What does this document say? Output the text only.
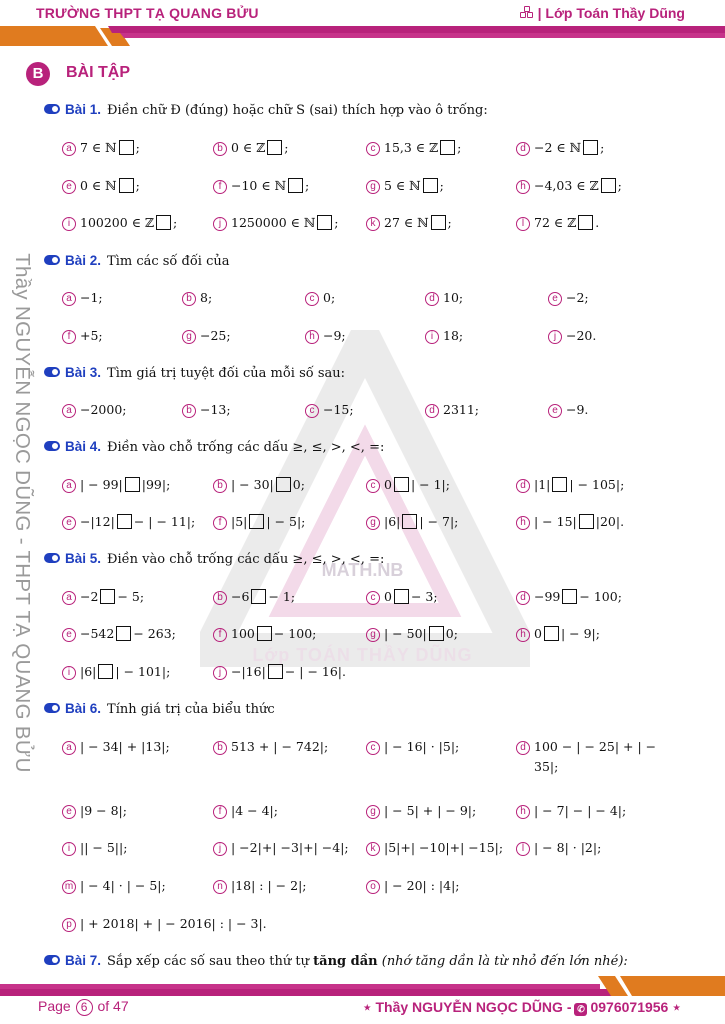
TRƯỜNG THPT TẠ QUANG BỬU	| Lớp Toán Thầy Dũng
Thầy NGUYỄN NGỌC DŨNG - THPT TẠ QUANG BỬU	MATH.NB
Lớp TOÁN THẦY DŨNG
B	BÀI TẬP
Bài 1. Điền chữ Đ (đúng) hoặc chữ S (sai) thích hợp vào ô trống:
a 7 ∈ ℕ ;	b 0 ∈ ℤ ;	c 15,3 ∈ ℤ ;	d −2 ∈ ℕ ;
e 0 ∈ ℕ ;	f −10 ∈ ℕ ;	g 5 ∈ ℕ ;	h −4,03 ∈ ℤ ;
i 100200 ∈ ℤ ;	j 1250000 ∈ ℕ ;	k 27 ∈ ℕ ;	l 72 ∈ ℤ .
Bài 2. Tìm các số đối của
a −1;	b 8;	c 0;	d 10;	e −2;
f +5;	g −25;	h −9;	i 18;	j −20.
Bài 3. Tìm giá trị tuyệt đối của mỗi số sau:
a −2000;	b −13;	c −15;	d 2311;	e −9.
Bài 4. Điền vào chỗ trống các dấu ≥, ≤, >, <, =:
a | − 99| |99|;	b | − 30| 0;	c 0 | − 1|;	d |1| | − 105|;
e −|12| − | − 11|;	f |5| | − 5|;	g |6| | − 7|;	h | − 15| |20|.
Bài 5. Điền vào chỗ trống các dấu ≥, ≤, >, <, =:
a −2 − 5;	b −6 − 1;	c 0 − 3;	d −99 − 100;
e −542 − 263;	f 100 − 100;	g | − 50| 0;	h 0 | − 9|;
i |6| | − 101|;	j −|16| − | − 16|.
Bài 6. Tính giá trị của biểu thức
a | − 34| + |13|;	b 513 + | − 742|;	c | − 16| · |5|;	d 100 − | − 25| + | −
35|;
e |9 − 8|;	f |4 − 4|;	g | − 5| + | − 9|;	h | − 7| − | − 4|;
i || − 5||;	j | −2|+| −3|+| −4|;	k |5|+| −10|+| −15|;	l | − 8| · |2|;
m | − 4| · | − 5|;	n |18| : | − 2|;	o | − 20| : |4|;
p | + 2018| + | − 2016| : | − 3|.
Bài 7. Sắp xếp các số sau theo thứ tự tăng dần (nhớ tăng dần là từ nhỏ đến lớn nhé):
Page 6 of 47	⋆ Thầy NGUYỄN NGỌC DŨNG - ✆ 0976071956 ⋆
